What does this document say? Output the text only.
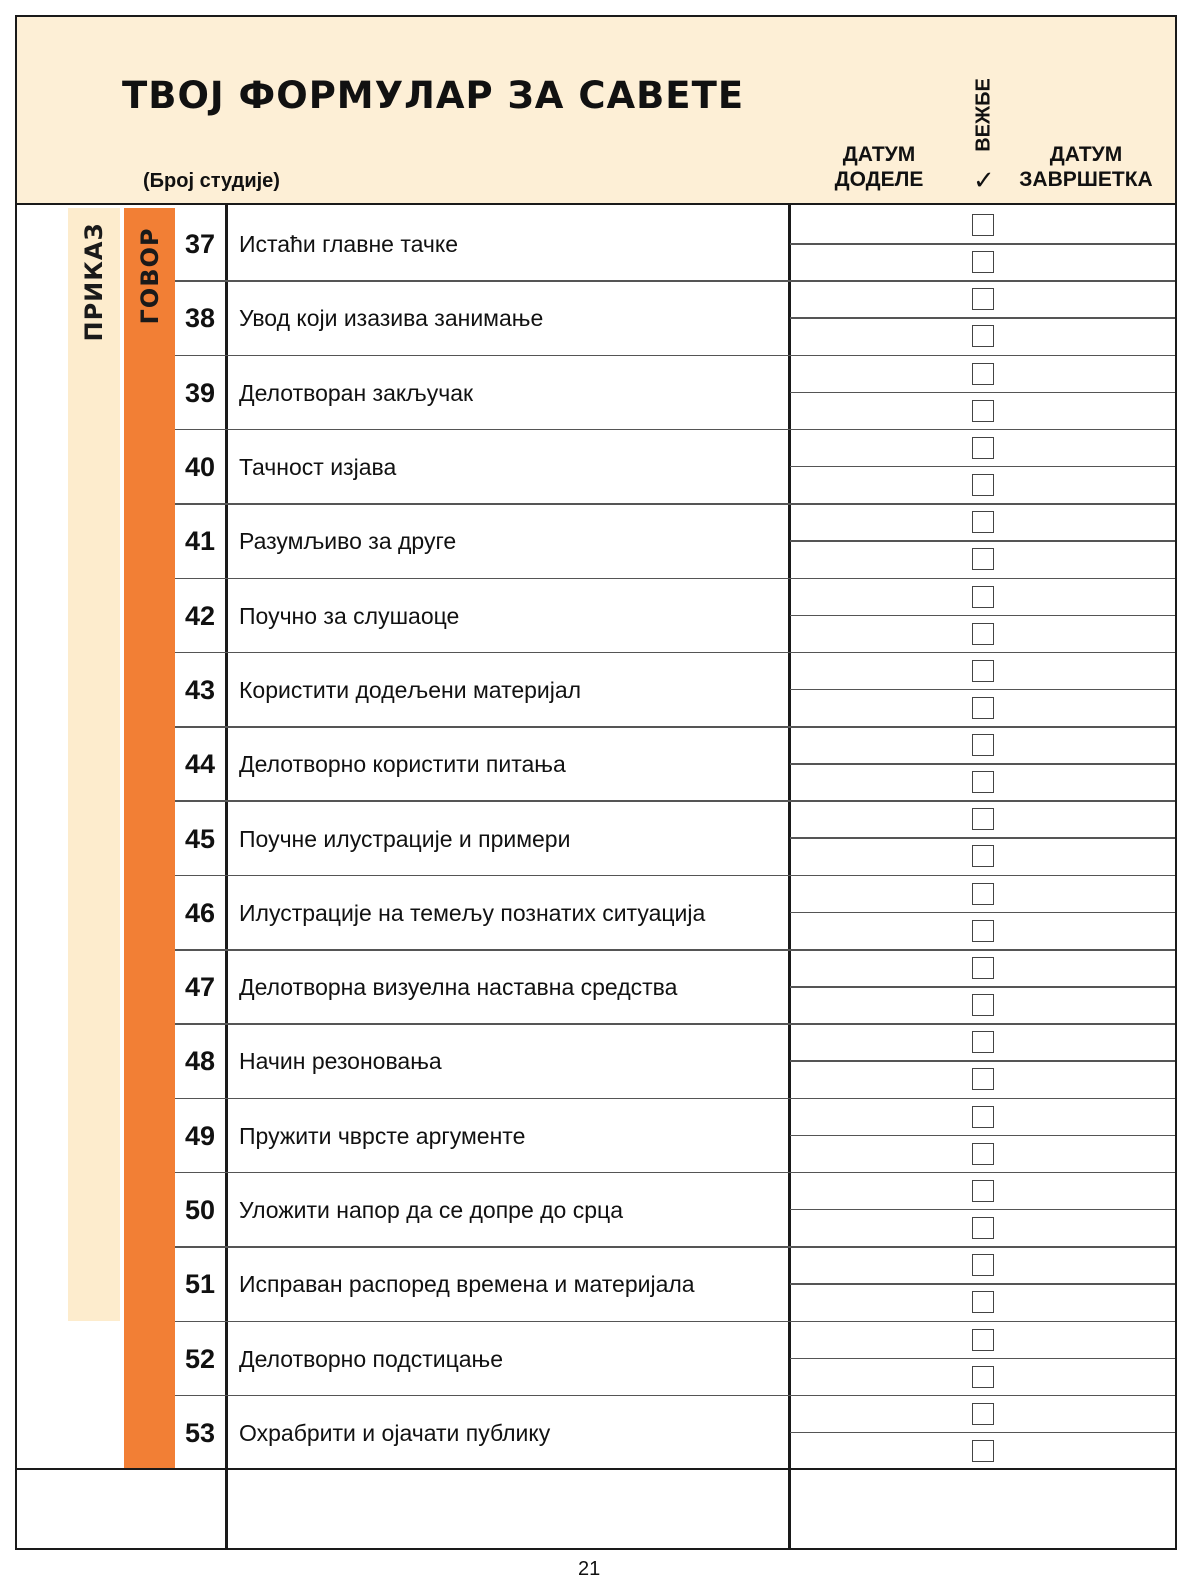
ТВОЈ ФОРМУЛАР ЗА САВЕТЕ
(Број студије)
ДАТУМ
ДОДЕЛЕ
ВЕЖБЕ
✓
ДАТУМ
ЗАВРШЕТКА
ПРИКАЗ ГОВОР 37	Истаћи главне тачке
38	Увод који изазива занимање
39	Делотворан закључак
40	Тачност изјава
41	Разумљиво за друге
42	Поучно за слушаоце
43	Користити додељени материјал
44	Делотворно користити питања
45	Поучне илустрације и примери
46	Илустрације на темељу познатих ситуација
47	Делотворна визуелна наставна средства
48	Начин резоновања
49	Пружити чврсте аргументе
50	Уложити напор да се допре до срца
51	Исправан распоред времена и материјала
52	Делотворно подстицање
53	Охрабрити и ојачати публику
21
